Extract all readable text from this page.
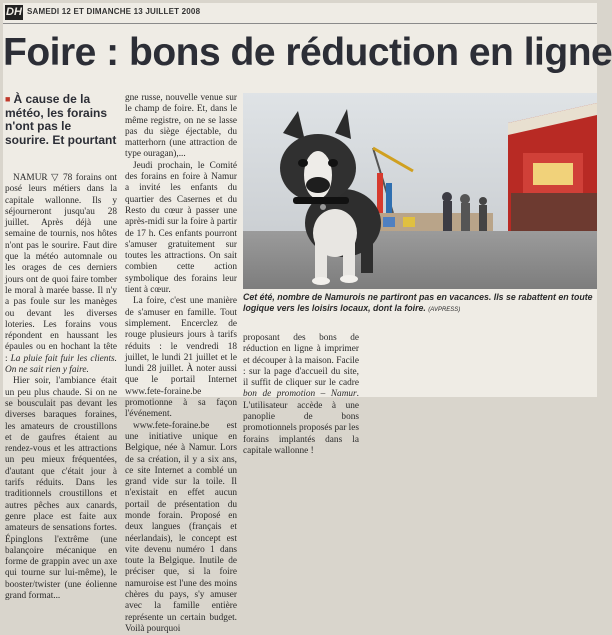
DH SAMEDI 12 ET DIMANCHE 13 JUILLET 2008
Foire : bons de réduction en ligne
■ À cause de la météo, les forains n'ont pas le sourire. Et pourtant

NAMUR ▽ 78 forains ont posé leurs métiers dans la capitale wallonne. Ils y séjourneront jusqu'au 28 juillet. Après déjà une semaine de tournis, nos hôtes n'ont pas le sourire. Faut dire que la météo automnale ou les orages de ces derniers jours ont de quoi faire tomber le moral à marée basse. Il n'y a pas foule sur les manèges ou devant les diverses loteries. Les forains vous répondent en haussant les épaules ou en hochant la tête : La pluie fait fuir les clients. On ne sait rien y faire.

Hier soir, l'ambiance était un peu plus chaude. Si on ne se bousculait pas devant les diverses baraques foraines, les amateurs de croustillons et de gaufres étaient au rendez-vous et les attractions un peu mieux fréquentées, d'autant que c'était jour à tarifs réduits. Dans les traditionnels croustillons et autres pêches aux canards, genre place est faite aux amateurs de sensations fortes. Épinglons l'extrême (une balançoire mécanique en forme de grappin avec un axe qui tourne sur lui-même), le booster/twister (une éolienne grand format...

gne russe, nouvelle venue sur le champ de foire. Et, dans le même registre, on ne se lasse pas du siège éjectable, du matterhorn (une attraction de type ouragan),...

Jeudi prochain, le Comité des forains en foire à Namur a invité les enfants du quartier des Casernes et du Resto du cœur à passer une après-midi sur la foire à partir de 17 h. Ces enfants pourront s'amuser gratuitement sur toutes les attractions. On sait combien cette action symbolique des forains leur tient à cœur.

La foire, c'est une manière de s'amuser en famille. Tout simplement. Encerclez de rouge plusieurs jours à tarifs réduits : le vendredi 18 juillet, le lundi 21 juillet et le lundi 28 juillet. À noter aussi que le portail Internet www.fete-foraine.be promotionne à sa façon l'événement.

www.fete-foraine.be est une initiative unique en Belgique, née à Namur. Lors de sa création, il y a six ans, ce site Internet a comblé un grand vide sur la toile. Il n'existait en effet aucun portail de présentation du monde forain. Proposé en deux langues (français et néerlandais), le concept est vite devenu numéro 1 dans toute la Belgique. Inutile de préciser que, si la foire namuroise est l'une des moins chères du pays, s'y amuser avec la famille entière représente un certain budget. Voilà pourquoi

Cet été, nombre de Namurois ne partiront pas en vacances. Ils se rabattent en toute logique vers les loisirs locaux, dont la foire. (AVPRESS)

proposant des bons de réduction en ligne à imprimer et découper à la maison. Facile : sur la page d'accueil du site, il suffit de cliquer sur le cadre bon de promotion – Namur. L'utilisateur accède à une panoplie de bons promotionnels proposés par les forains implantés dans la capitale wallonne !
